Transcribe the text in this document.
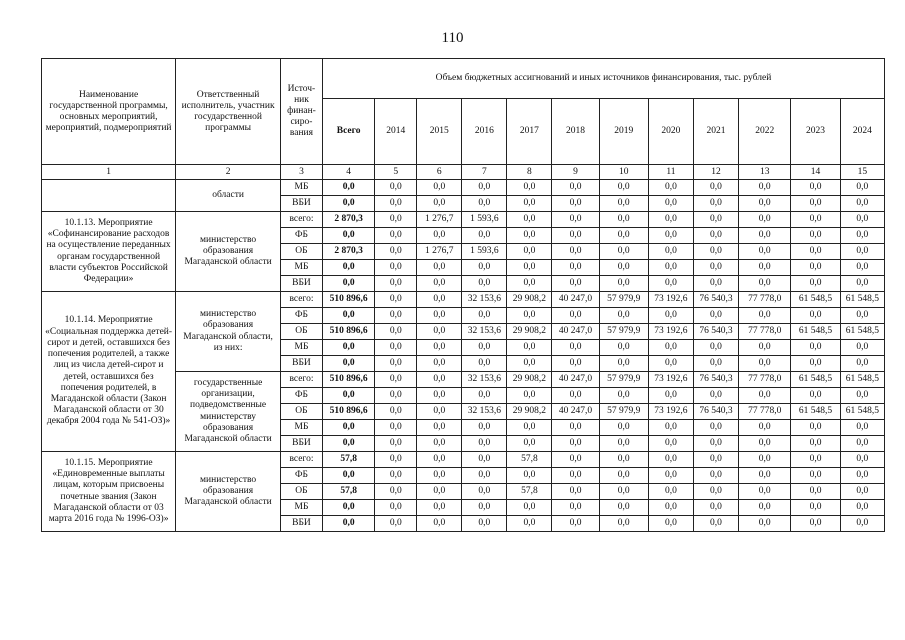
110
Наименование государственной программы, основных мероприятий, мероприятий, подмероприятий	Ответственный исполнитель, участник государственной программы	Источ-ник финан-сиро-вания	Объем бюджетных ассигнований и иных источников финансирования, тыс. рублей											
			Всего	2014	2015	2016	2017	2018	2019	2020	2021	2022	2023	2024
1	2	3	4	5	6	7	8	9	10	11	12	13	14	15
	области	МБ	0,0	0,0	0,0	0,0	0,0	0,0	0,0	0,0	0,0	0,0	0,0	0,0
		ВБИ	0,0	0,0	0,0	0,0	0,0	0,0	0,0	0,0	0,0	0,0	0,0	0,0
10.1.13. Мероприятие «Софинансирование расходов на осуществление переданных органам государственной власти субъектов Российской Федерации»	министерство образования Магаданской области	всего:	2 870,3	0,0	1 276,7	1 593,6	0,0	0,0	0,0	0,0	0,0	0,0	0,0	0,0
		ФБ	0,0	0,0	0,0	0,0	0,0	0,0	0,0	0,0	0,0	0,0	0,0	0,0
		ОБ	2 870,3	0,0	1 276,7	1 593,6	0,0	0,0	0,0	0,0	0,0	0,0	0,0	0,0
		МБ	0,0	0,0	0,0	0,0	0,0	0,0	0,0	0,0	0,0	0,0	0,0	0,0
		ВБИ	0,0	0,0	0,0	0,0	0,0	0,0	0,0	0,0	0,0	0,0	0,0	0,0
10.1.14. Мероприятие «Социальная поддержка детей-сирот и детей, оставшихся без попечения родителей, а также лиц из числа детей-сирот и детей, оставшихся без попечения родителей, в Магаданской области (Закон Магаданской области от 30 декабря 2004 года № 541-ОЗ)»	министерство образования Магаданской области, из них:	всего:	510 896,6	0,0	0,0	32 153,6	29 908,2	40 247,0	57 979,9	73 192,6	76 540,3	77 778,0	61 548,5	61 548,5
		ФБ	0,0	0,0	0,0	0,0	0,0	0,0	0,0	0,0	0,0	0,0	0,0	0,0
		ОБ	510 896,6	0,0	0,0	32 153,6	29 908,2	40 247,0	57 979,9	73 192,6	76 540,3	77 778,0	61 548,5	61 548,5
		МБ	0,0	0,0	0,0	0,0	0,0	0,0	0,0	0,0	0,0	0,0	0,0	0,0
		ВБИ	0,0	0,0	0,0	0,0	0,0	0,0	0,0	0,0	0,0	0,0	0,0	0,0
	государственные организации, подведомственные министерству образования Магаданской области	всего:	510 896,6	0,0	0,0	32 153,6	29 908,2	40 247,0	57 979,9	73 192,6	76 540,3	77 778,0	61 548,5	61 548,5
		ФБ	0,0	0,0	0,0	0,0	0,0	0,0	0,0	0,0	0,0	0,0	0,0	0,0
		ОБ	510 896,6	0,0	0,0	32 153,6	29 908,2	40 247,0	57 979,9	73 192,6	76 540,3	77 778,0	61 548,5	61 548,5
		МБ	0,0	0,0	0,0	0,0	0,0	0,0	0,0	0,0	0,0	0,0	0,0	0,0
		ВБИ	0,0	0,0	0,0	0,0	0,0	0,0	0,0	0,0	0,0	0,0	0,0	0,0
10.1.15. Мероприятие «Единовременные выплаты лицам, которым присвоены почетные звания (Закон Магаданской области от 03 марта 2016 года № 1996-ОЗ)»	министерство образования Магаданской области	всего:	57,8	0,0	0,0	0,0	57,8	0,0	0,0	0,0	0,0	0,0	0,0	0,0
		ФБ	0,0	0,0	0,0	0,0	0,0	0,0	0,0	0,0	0,0	0,0	0,0	0,0
		ОБ	57,8	0,0	0,0	0,0	57,8	0,0	0,0	0,0	0,0	0,0	0,0	0,0
		МБ	0,0	0,0	0,0	0,0	0,0	0,0	0,0	0,0	0,0	0,0	0,0	0,0
		ВБИ	0,0	0,0	0,0	0,0	0,0	0,0	0,0	0,0	0,0	0,0	0,0	0,0
